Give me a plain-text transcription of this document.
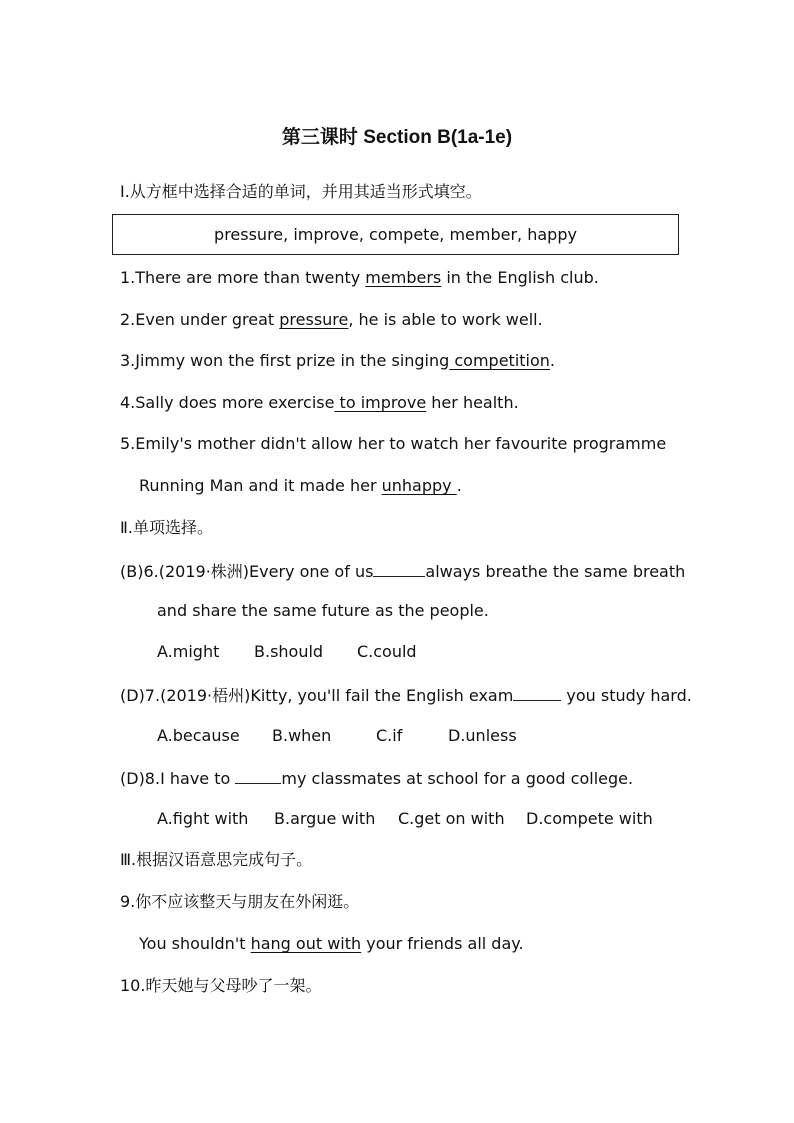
第三课时 Section B(1a-1e)
Ⅰ.从方框中选择合适的单词，并用其适当形式填空。
pressure, improve, compete, member, happy
1.There are more than twenty members in the English club.
2.Even under great pressure, he is able to work well.
3.Jimmy won the first prize in the singing competition.
4.Sally does more exercise to improve her health.
5.Emily's mother didn't allow her to watch her favourite programme
Running Man and it made her unhappy .
Ⅱ.单项选择。
(B)6.(2019·株洲)Every one of us	always breathe the same breath
and share the same future as the people.
A.might B.should C.could
(D)7.(2019·梧州)Kitty, you'll fail the English exam	you study hard.
A.because B.when	C.if	D.unless
(D)8.I have to	my classmates at school for a good college.
A.fight with B.argue with C.get on with D.compete with
Ⅲ.根据汉语意思完成句子。
9.你不应该整天与朋友在外闲逛。
You shouldn't hang out with your friends all day.
10.昨天她与父母吵了一架。
